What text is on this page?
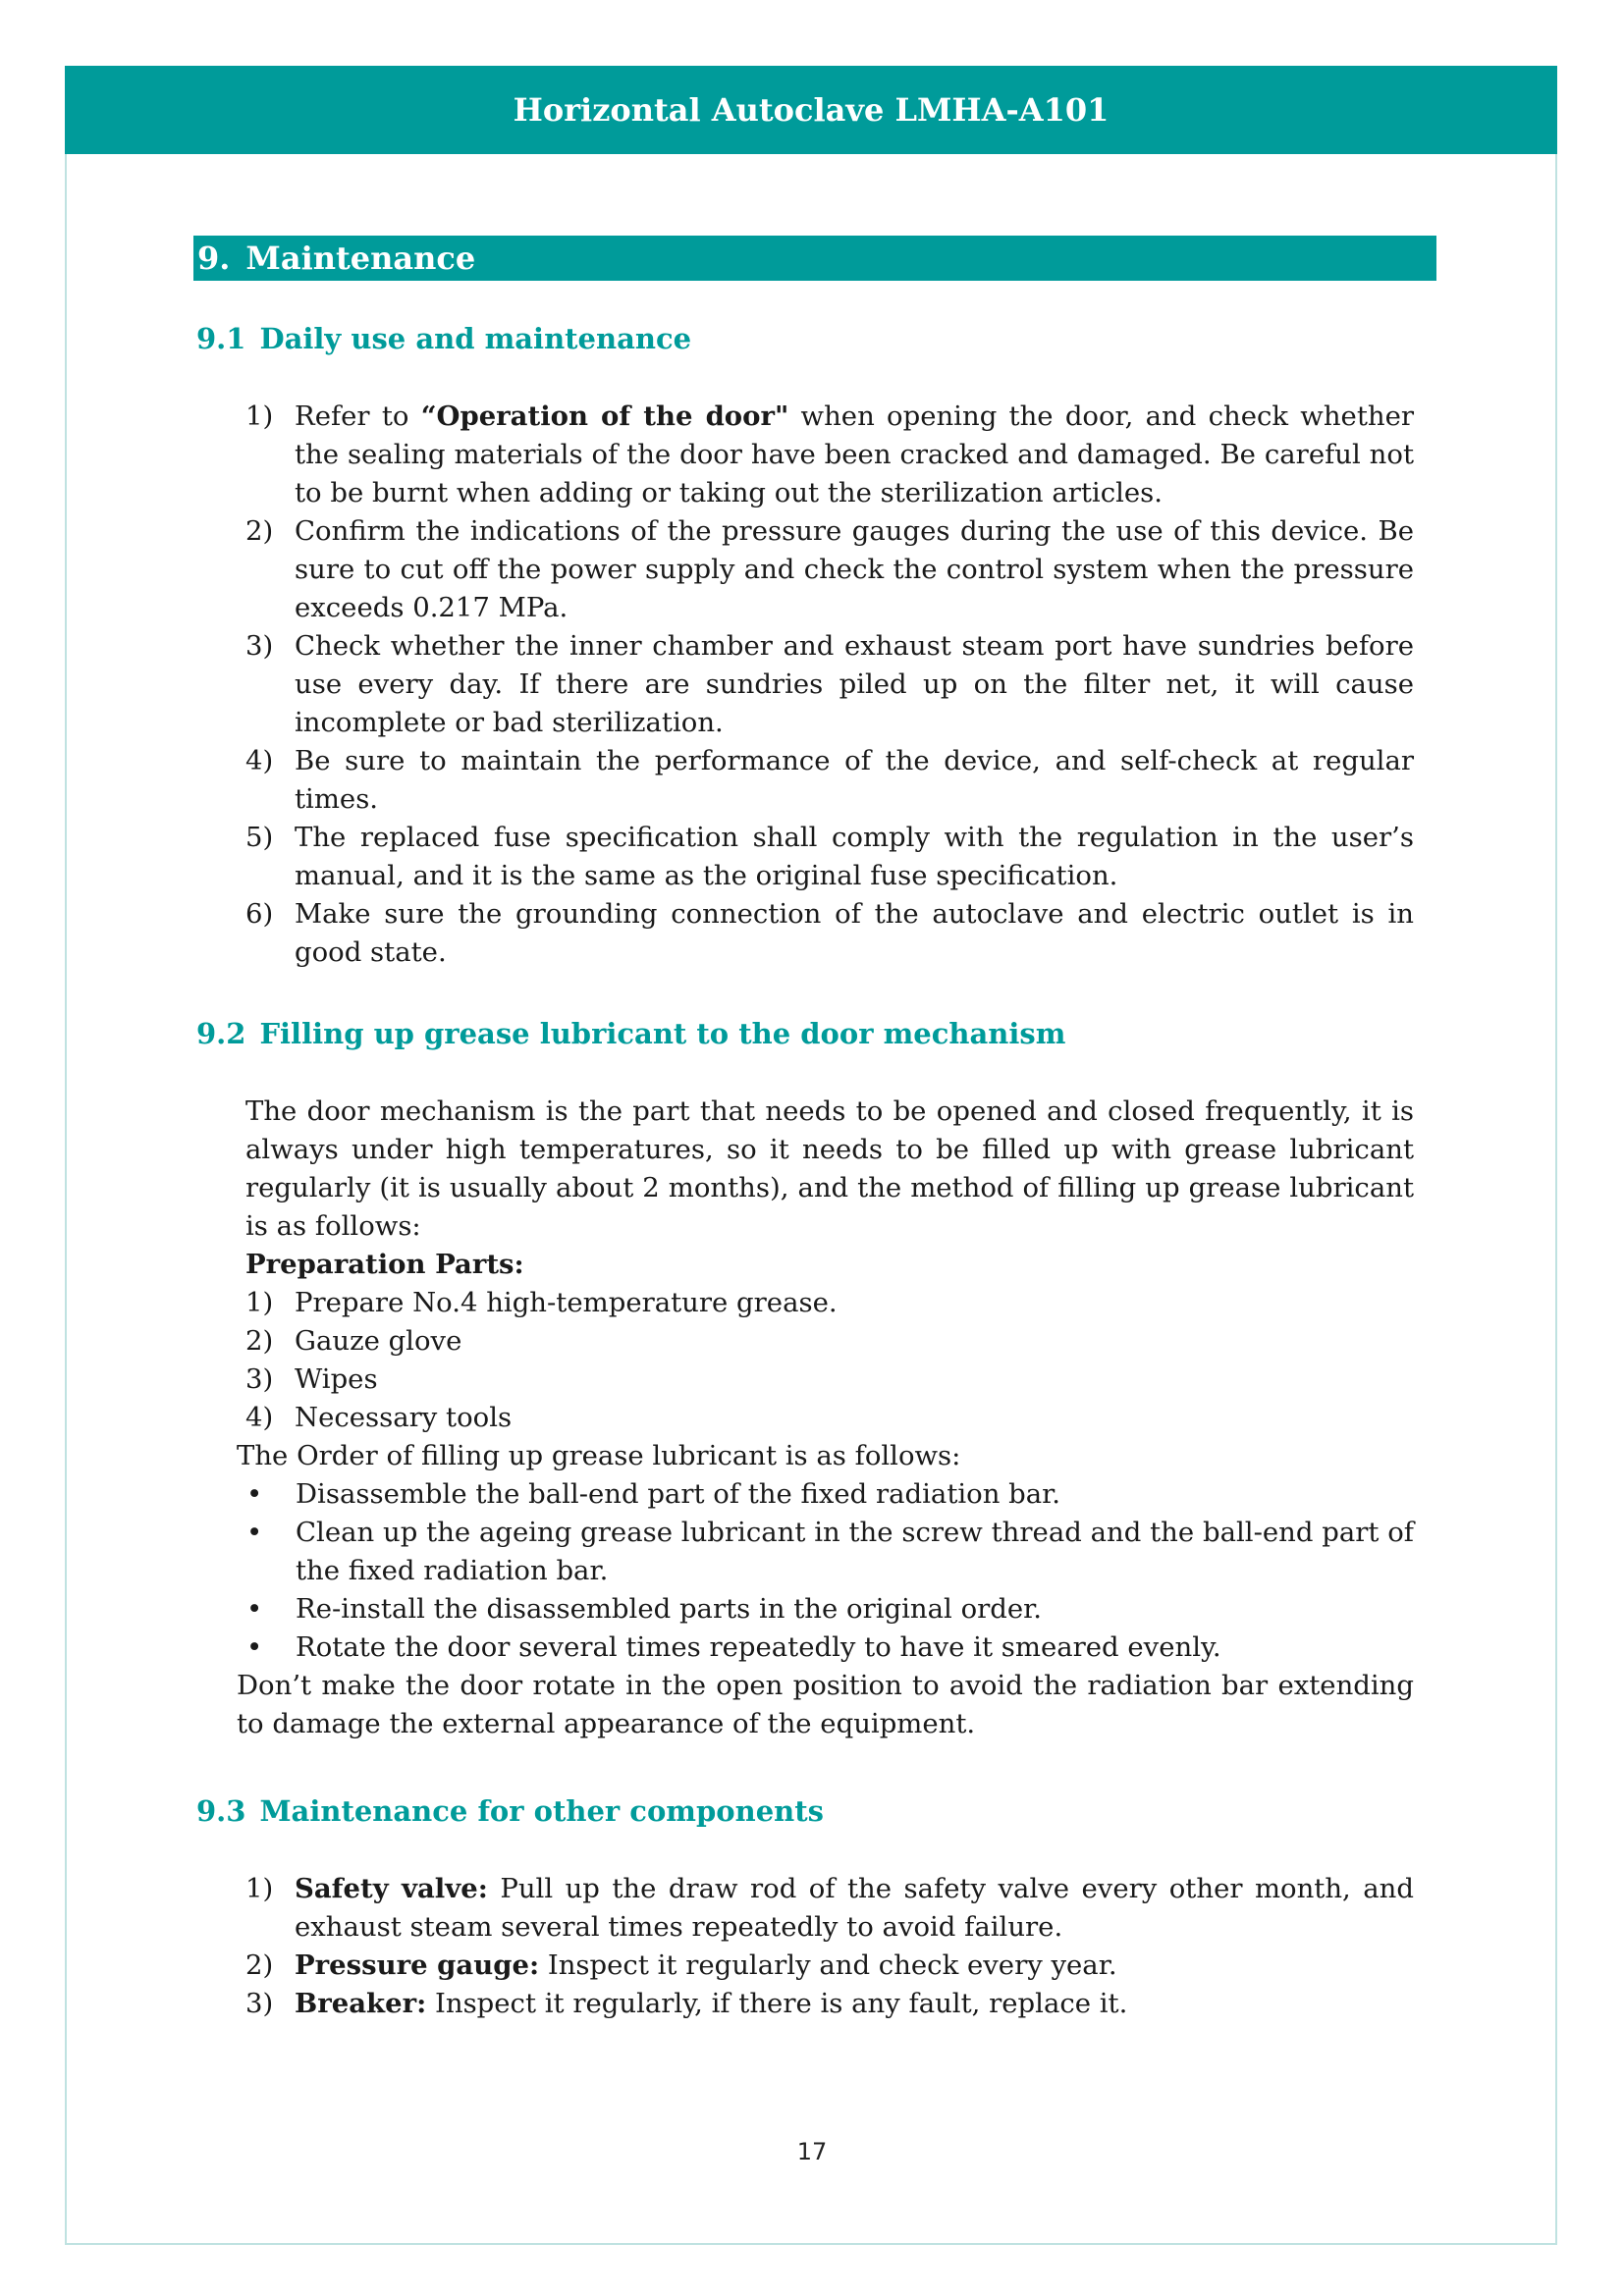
Horizontal Autoclave LMHA-A101
9. Maintenance
9.1 Daily use and maintenance
1) Refer to “Operation of the door" when opening the door, and check whether the sealing materials of the door have been cracked and damaged. Be careful not to be burnt when adding or taking out the sterilization articles.
2) Confirm the indications of the pressure gauges during the use of this device. Be sure to cut off the power supply and check the control system when the pressure exceeds 0.217 MPa.
3) Check whether the inner chamber and exhaust steam port have sundries before use every day. If there are sundries piled up on the filter net, it will cause incomplete or bad sterilization.
4) Be sure to maintain the performance of the device, and self-check at regular times.
5) The replaced fuse specification shall comply with the regulation in the user’s manual, and it is the same as the original fuse specification.
6) Make sure the grounding connection of the autoclave and electric outlet is in good state.
9.2 Filling up grease lubricant to the door mechanism
The door mechanism is the part that needs to be opened and closed frequently, it is always under high temperatures, so it needs to be filled up with grease lubricant regularly (it is usually about 2 months), and the method of filling up grease lubricant is as follows:
Preparation Parts:
1) Prepare No.4 high-temperature grease.
2) Gauze glove
3) Wipes
4) Necessary tools
The Order of filling up grease lubricant is as follows:
• Disassemble the ball-end part of the fixed radiation bar.
• Clean up the ageing grease lubricant in the screw thread and the ball-end part of the fixed radiation bar.
• Re-install the disassembled parts in the original order.
• Rotate the door several times repeatedly to have it smeared evenly.
Don’t make the door rotate in the open position to avoid the radiation bar extending to damage the external appearance of the equipment.
9.3 Maintenance for other components
1) Safety valve: Pull up the draw rod of the safety valve every other month, and exhaust steam several times repeatedly to avoid failure.
2) Pressure gauge: Inspect it regularly and check every year.
3) Breaker: Inspect it regularly, if there is any fault, replace it.
17
